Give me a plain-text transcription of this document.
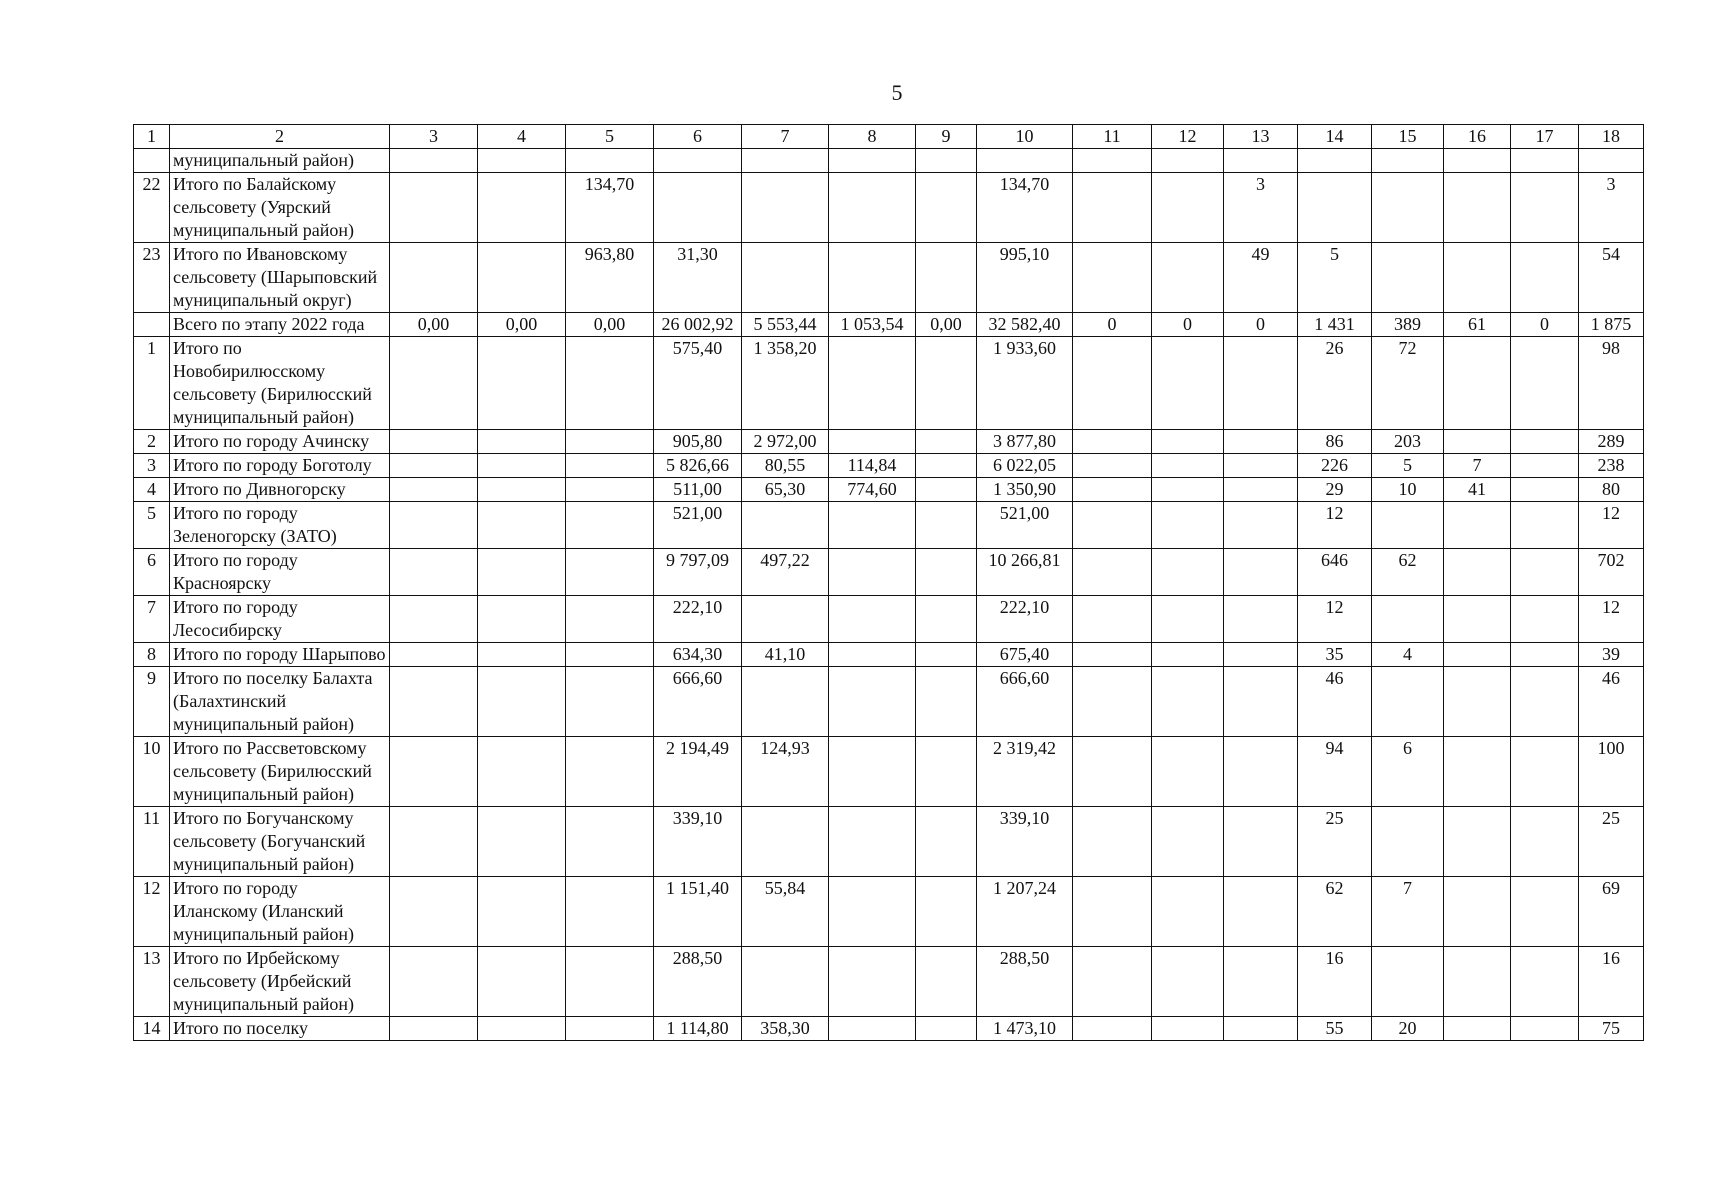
5
1	2	3	4	5	6	7	8	9	10	11	12	13	14	15	16	17	18
	муниципальный район)																
22	Итого по Балайскому сельсовету (Уярский муниципальный район)			134,70					134,70			3					3
23	Итого по Ивановскому сельсовету (Шарыповский муниципальный округ)			963,80	31,30				995,10			49	5				54
	Всего по этапу 2022 года	0,00	0,00	0,00	26 002,92	5 553,44	1 053,54	0,00	32 582,40	0	0	0	1 431	389	61	0	1 875
1	Итого по Новобирилюсскому сельсовету (Бирилюсский муниципальный район)				575,40	1 358,20			1 933,60				26	72			98
2	Итого по городу Ачинску				905,80	2 972,00			3 877,80				86	203			289
3	Итого по городу Боготолу				5 826,66	80,55	114,84		6 022,05				226	5	7		238
4	Итого по Дивногорску				511,00	65,30	774,60		1 350,90				29	10	41		80
5	Итого по городу Зеленогорску (ЗАТО)				521,00				521,00				12				12
6	Итого по городу Красноярску				9 797,09	497,22			10 266,81				646	62			702
7	Итого по городу Лесосибирску				222,10				222,10				12				12
8	Итого по городу Шарыпово				634,30	41,10			675,40				35	4			39
9	Итого по поселку Балахта (Балахтинский муниципальный район)				666,60				666,60				46				46
10	Итого по Рассветовскому сельсовету (Бирилюсский муниципальный район)				2 194,49	124,93			2 319,42				94	6			100
11	Итого по Богучанскому сельсовету (Богучанский муниципальный район)				339,10				339,10				25				25
12	Итого по городу Иланскому (Иланский муниципальный район)				1 151,40	55,84			1 207,24				62	7			69
13	Итого по Ирбейскому сельсовету (Ирбейский муниципальный район)				288,50				288,50				16				16
14	Итого по поселку				1 114,80	358,30			1 473,10				55	20			75
